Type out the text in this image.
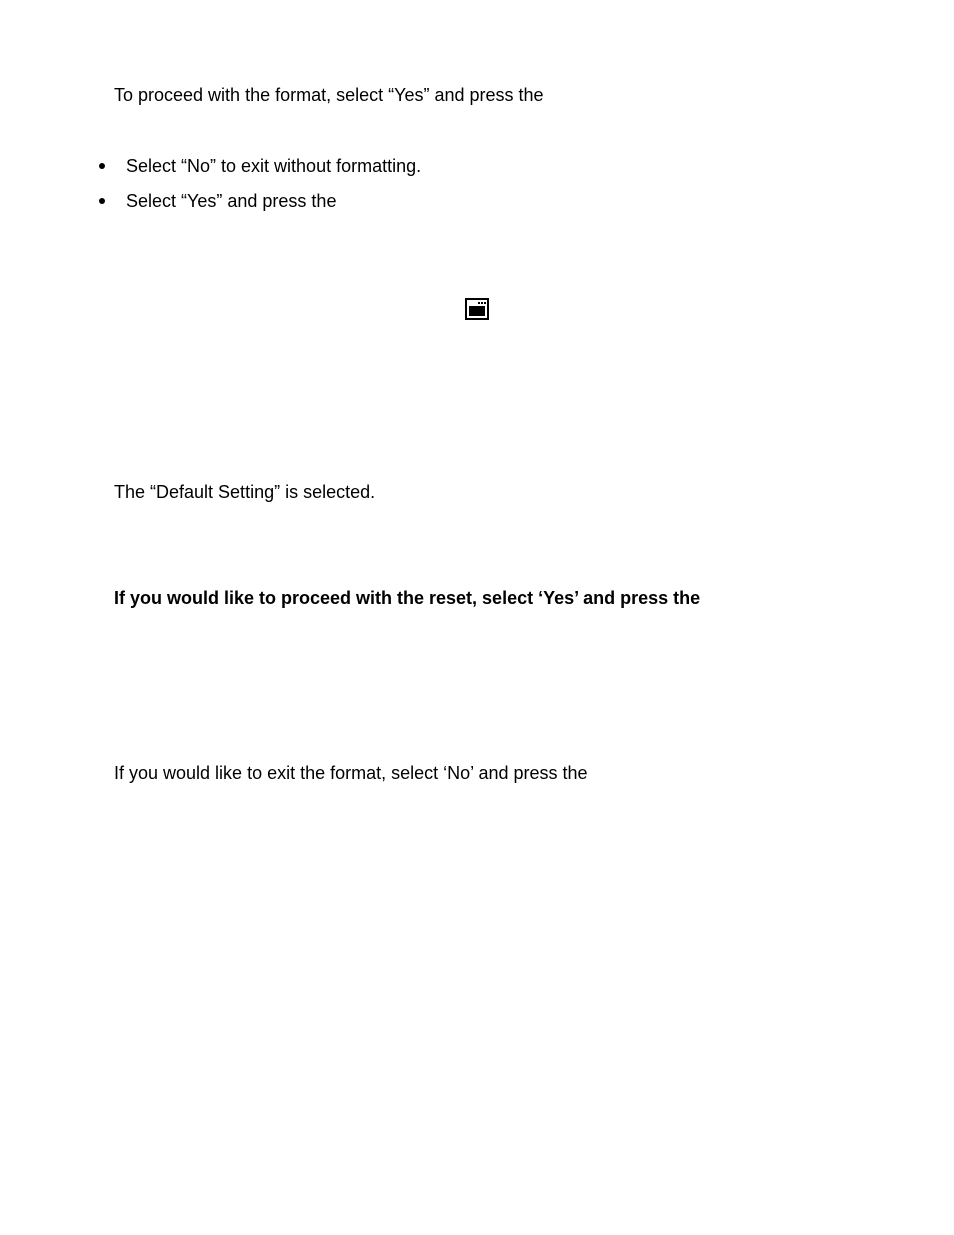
To proceed with the format, select “Yes” and press the
Select “No” to exit without formatting.
Select “Yes” and press the
The “Default Setting” is selected.
If you would like to proceed with the reset, select ‘Yes’ and press the
If you would like to exit the format, select ‘No’ and press the
